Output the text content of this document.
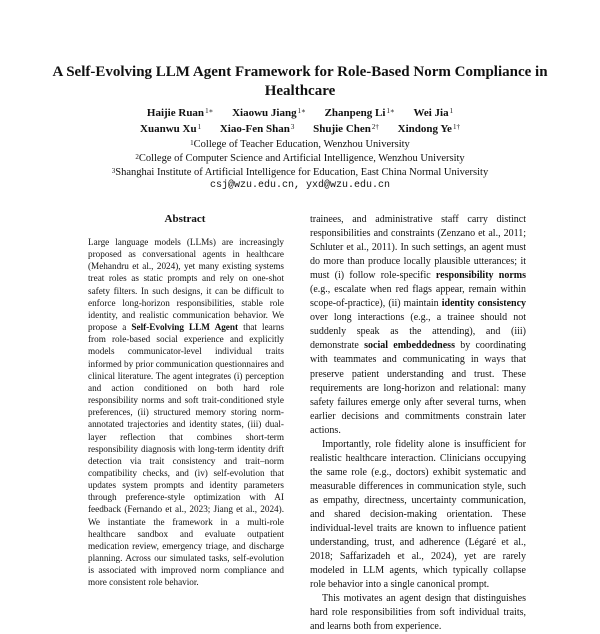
A Self-Evolving LLM Agent Framework for Role-Based Norm Compliance in Healthcare
Haijie Ruan$^{1∗}$ Xiaowu Jiang$^{1∗}$ Zhanpeng $Li^{1∗}$ Wei Jia$^1$
Xuanwu Xu$^1$ Xiao-Fen Shan$^3$ Shujie Chen$^{2\dagger}$ Xindong $Ye^{1\dagger}$
$^1$College of Teacher Education, Wenzhou University
$^2$College of Computer Science and Artificial Intelligence, Wenzhou University
$^3$Shanghai Institute of Artificial Intelligence for Education, East China Normal University
csj@wzu.edu.cn, yxd@wzu.edu.cn
Abstract
Large language models (LLMs) are increasingly proposed as conversational agents in healthcare (Mehandru et al., 2024), yet many existing systems treat roles as static prompts and rely on one-shot safety filters. In such designs, it can be difficult to enforce long-horizon responsibilities, stable role identity, and realistic communication behavior. We propose a Self-Evolving LLM Agent that learns from role-based social experience and explicitly models communicator-level individual traits informed by prior communication questionnaires and clinical literature. The agent integrates (i) perception and action conditioned on both hard role responsibility norms and soft trait-conditioned style preferences, (ii) structured memory storing norm-annotated trajectories and identity states, (iii) dual-layer reflection that combines short-term responsibility diagnosis with long-term identity drift detection via trait consistency and trait–norm compatibility checks, and (iv) self-evolution that updates system prompts and identity parameters through preference-style optimization with AI feedback (Fernando et al., 2023; Jiang et al., 2024). We instantiate the framework in a multi-role healthcare sandbox and evaluate outpatient medication review, emergency triage, and discharge planning. Across our simulated tasks, self-evolution is associated with improved norm compliance and more consistent role behavior.

trainees, and administrative staff carry distinct responsibilities and constraints (Zenzano et al., 2011; Schluter et al., 2011). In such settings, an agent must do more than produce locally plausible utterances; it must (i) follow role-specific responsibility norms (e.g., escalate when red flags appear, remain within scope-of-practice), (ii) maintain identity consistency over long interactions (e.g., a trainee should not suddenly speak as the attending), and (iii) demonstrate social embeddedness by coordinating with teammates and communicating in ways that preserve patient understanding and trust. These requirements are long-horizon and relational: many safety failures emerge only after several turns, when earlier decisions and commitments constrain later actions.

Importantly, role fidelity alone is insufficient for realistic healthcare interaction. Clinicians occupying the same role (e.g., doctors) exhibit systematic and measurable differences in communication style, such as empathy, directness, uncertainty communication, and shared decision-making orientation. These individual-level traits are known to influence patient understanding, trust, and adherence (Légaré et al., 2018; Saffarizadeh et al., 2024), yet are rarely modeled in LLM agents, which typically collapse role behavior into a single canonical prompt.

This motivates an agent design that distinguishes hard role responsibilities from soft individual traits, and learns both from experience.
